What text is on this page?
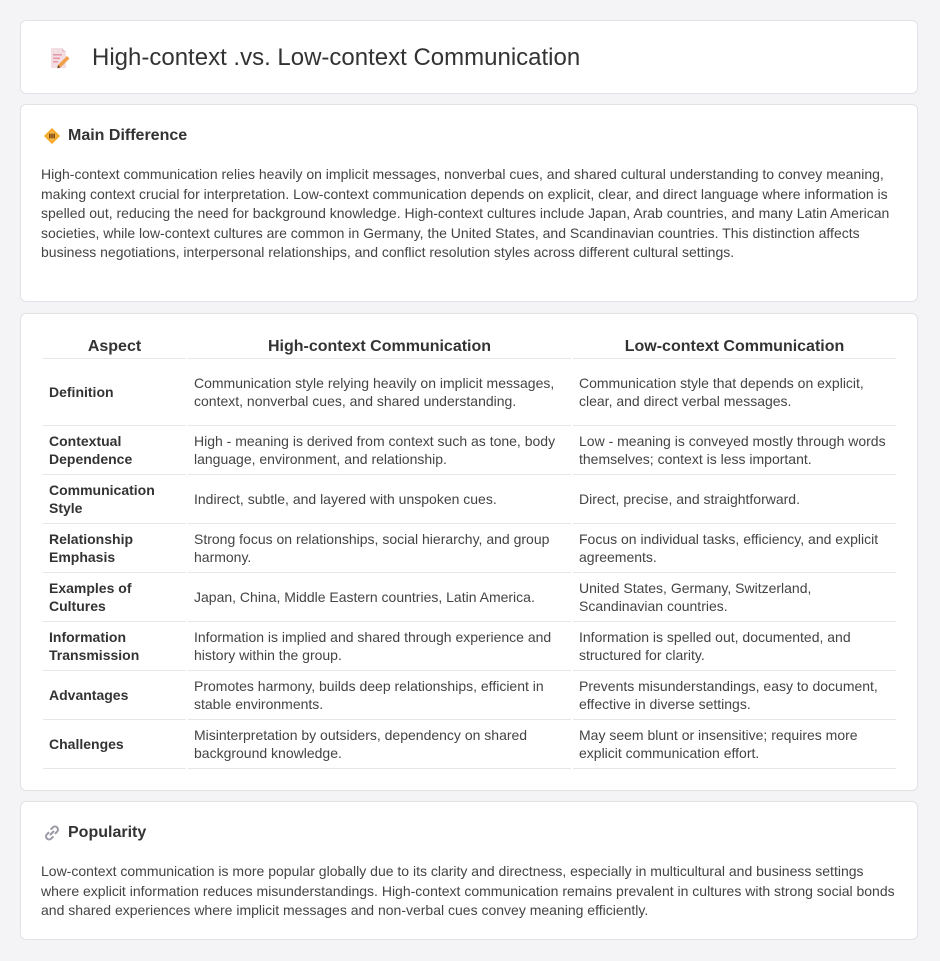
High-context .vs. Low-context Communication
Main Difference

High-context communication relies heavily on implicit messages, nonverbal cues, and shared cultural understanding to convey meaning, making context crucial for interpretation. Low-context communication depends on explicit, clear, and direct language where information is spelled out, reducing the need for background knowledge. High-context cultures include Japan, Arab countries, and many Latin American societies, while low-context cultures are common in Germany, the United States, and Scandinavian countries. This distinction affects business negotiations, interpersonal relationships, and conflict resolution styles across different cultural settings.

Aspect	High-context Communication	Low-context Communication
Definition	Communication style relying heavily on implicit messages, context, nonverbal cues, and shared understanding.	Communication style that depends on explicit, clear, and direct verbal messages.
Contextual Dependence	High - meaning is derived from context such as tone, body language, environment, and relationship.	Low - meaning is conveyed mostly through words themselves; context is less important.
Communication Style	Indirect, subtle, and layered with unspoken cues.	Direct, precise, and straightforward.
Relationship Emphasis	Strong focus on relationships, social hierarchy, and group harmony.	Focus on individual tasks, efficiency, and explicit agreements.
Examples of Cultures	Japan, China, Middle Eastern countries, Latin America.	United States, Germany, Switzerland, Scandinavian countries.
Information Transmission	Information is implied and shared through experience and history within the group.	Information is spelled out, documented, and structured for clarity.
Advantages	Promotes harmony, builds deep relationships, efficient in stable environments.	Prevents misunderstandings, easy to document, effective in diverse settings.
Challenges	Misinterpretation by outsiders, dependency on shared background knowledge.	May seem blunt or insensitive; requires more explicit communication effort.
Popularity

Low-context communication is more popular globally due to its clarity and directness, especially in multicultural and business settings where explicit information reduces misunderstandings. High-context communication remains prevalent in cultures with strong social bonds and shared experiences where implicit messages and non-verbal cues convey meaning efficiently.
